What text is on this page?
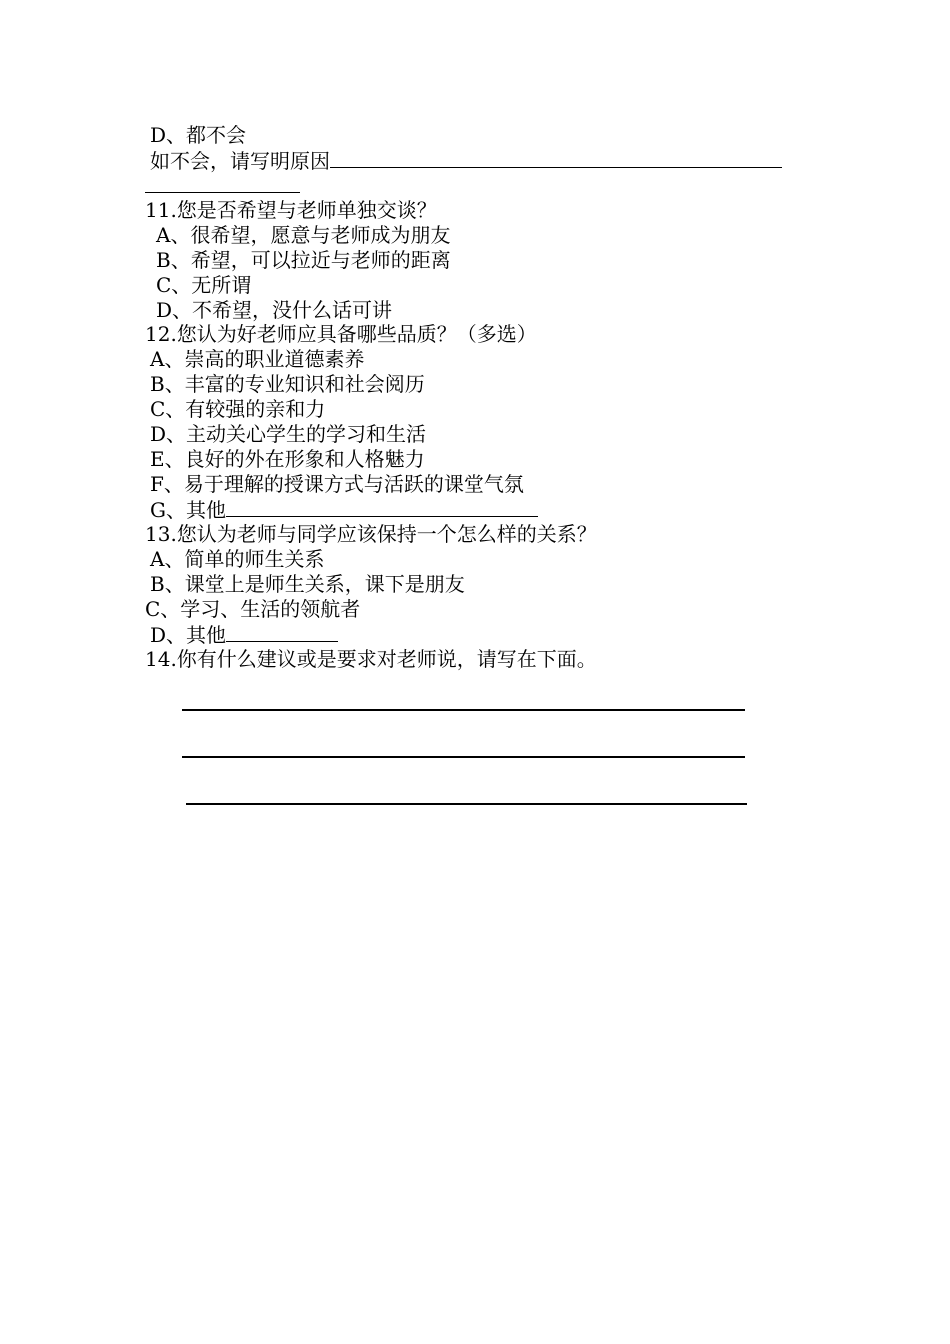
D、都不会
如不会，请写明原因
11.您是否希望与老师单独交谈？
A、很希望，愿意与老师成为朋友
B、希望，可以拉近与老师的距离
C、无所谓
D、不希望，没什么话可讲
12.您认为好老师应具备哪些品质？（多选）
A、崇高的职业道德素养
B、丰富的专业知识和社会阅历
C、有较强的亲和力
D、主动关心学生的学习和生活
E、良好的外在形象和人格魅力
F、易于理解的授课方式与活跃的课堂气氛
G、其他
13.您认为老师与同学应该保持一个怎么样的关系？
A、简单的师生关系
B、课堂上是师生关系，课下是朋友
C、学习、生活的领航者
D、其他
14.你有什么建议或是要求对老师说，请写在下面。
